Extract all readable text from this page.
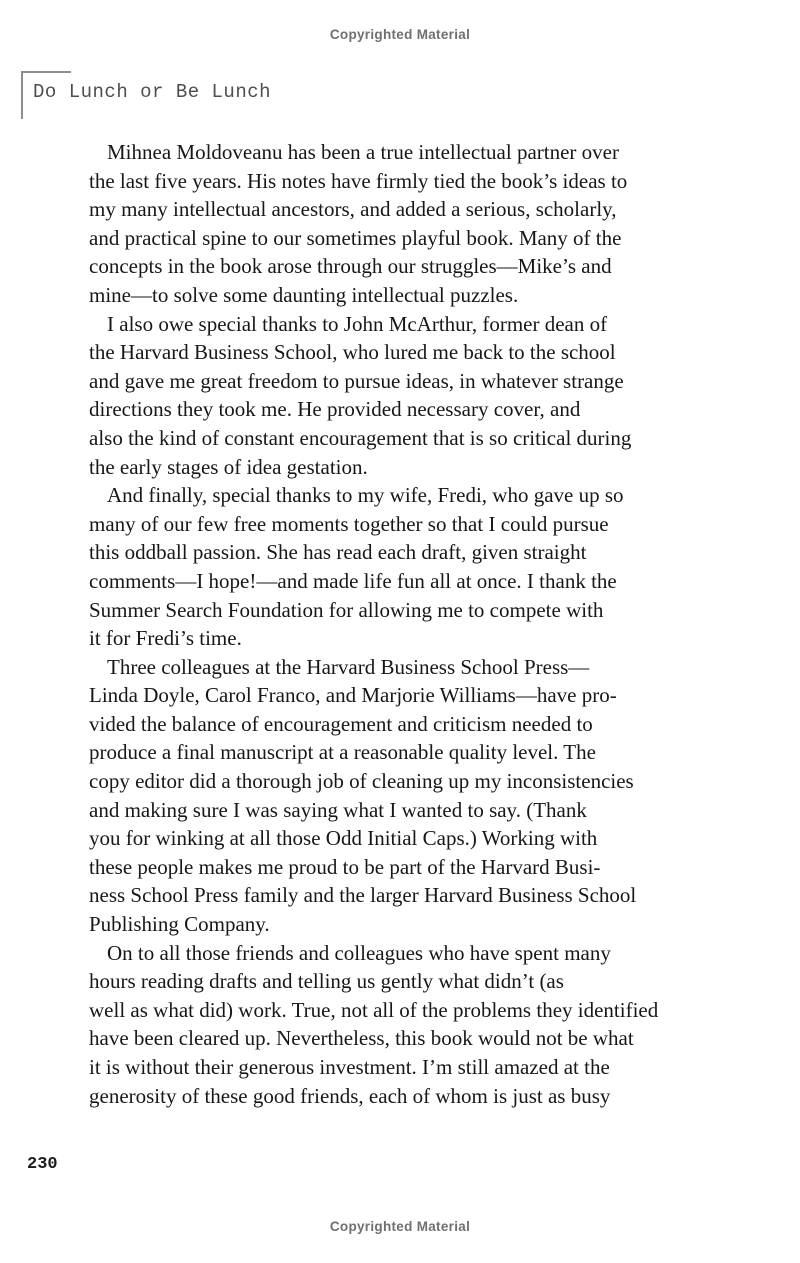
Copyrighted Material
Do Lunch or Be Lunch

Mihnea Moldoveanu has been a true intellectual partner over
the last five years. His notes have firmly tied the book’s ideas to
my many intellectual ancestors, and added a serious, scholarly,
and practical spine to our sometimes playful book. Many of the
concepts in the book arose through our struggles—Mike’s and
mine—to solve some daunting intellectual puzzles.

I also owe special thanks to John McArthur, former dean of
the Harvard Business School, who lured me back to the school
and gave me great freedom to pursue ideas, in whatever strange
directions they took me. He provided necessary cover, and
also the kind of constant encouragement that is so critical during
the early stages of idea gestation.

And finally, special thanks to my wife, Fredi, who gave up so
many of our few free moments together so that I could pursue
this oddball passion. She has read each draft, given straight
comments—I hope!—and made life fun all at once. I thank the
Summer Search Foundation for allowing me to compete with
it for Fredi’s time.

Three colleagues at the Harvard Business School Press—
Linda Doyle, Carol Franco, and Marjorie Williams—have pro-
vided the balance of encouragement and criticism needed to
produce a final manuscript at a reasonable quality level. The
copy editor did a thorough job of cleaning up my inconsistencies
and making sure I was saying what I wanted to say. (Thank
you for winking at all those Odd Initial Caps.) Working with
these people makes me proud to be part of the Harvard Busi-
ness School Press family and the larger Harvard Business School
Publishing Company.

On to all those friends and colleagues who have spent many
hours reading drafts and telling us gently what didn’t (as
well as what did) work. True, not all of the problems they identified
have been cleared up. Nevertheless, this book would not be what
it is without their generous investment. I’m still amazed at the
generosity of these good friends, each of whom is just as busy

230
Copyrighted Material
